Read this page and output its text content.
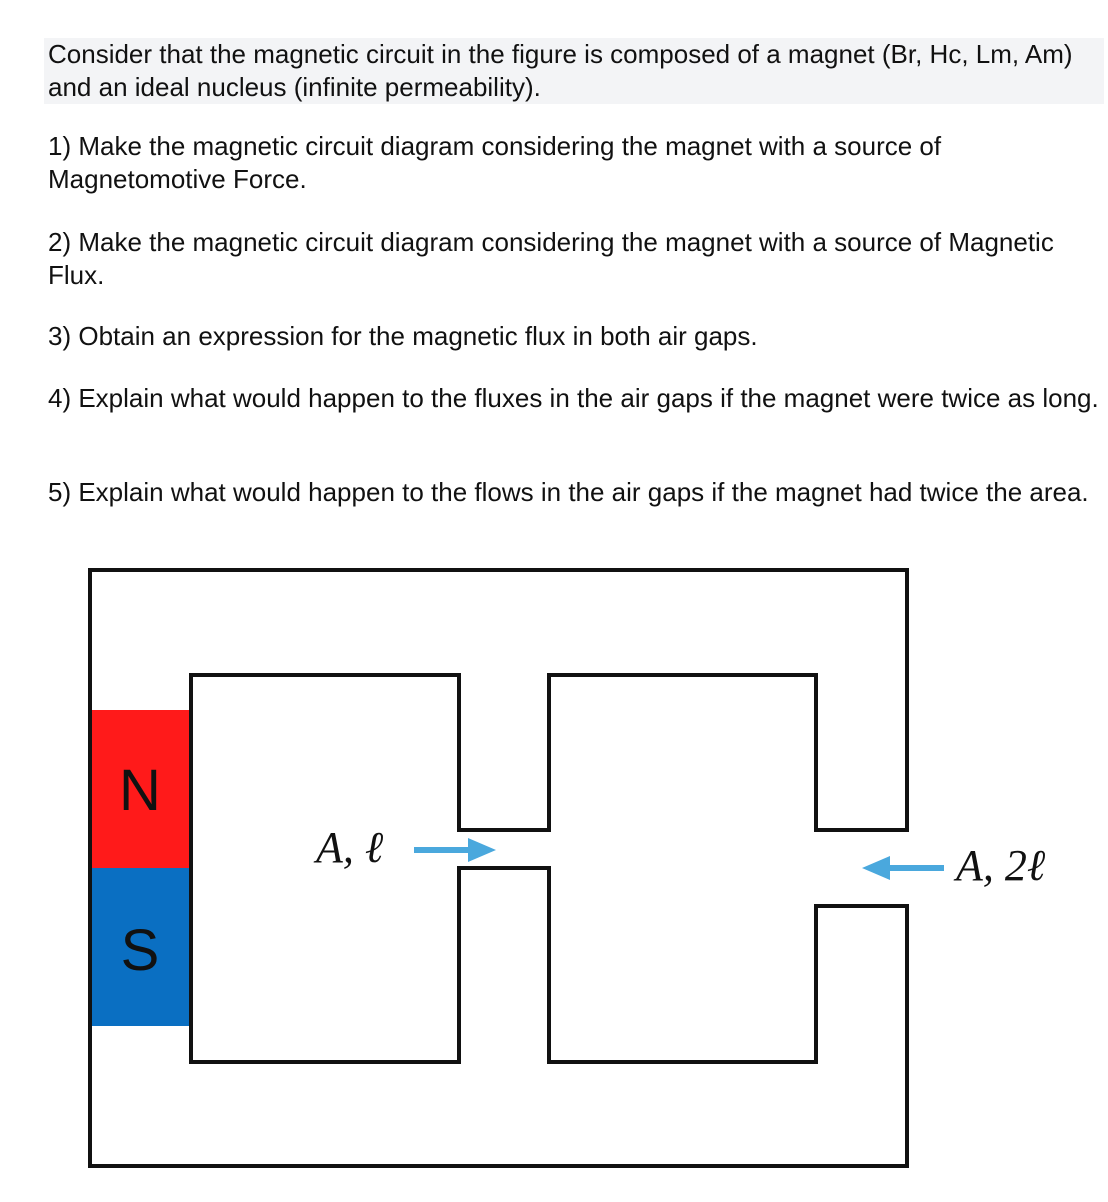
Consider that the magnetic circuit in the figure is composed of a magnet (Br, Hc, Lm, Am) and an ideal nucleus (infinite permeability).

1) Make the magnetic circuit diagram considering the magnet with a source of Magnetomotive Force.

2) Make the magnetic circuit diagram considering the magnet with a source of Magnetic Flux.

3) Obtain an expression for the magnetic flux in both air gaps.

4) Explain what would happen to the fluxes in the air gaps if the magnet were twice as long.

5) Explain what would happen to the flows in the air gaps if the magnet had twice the area.

N
S
A, ℓ	A, 2ℓ
